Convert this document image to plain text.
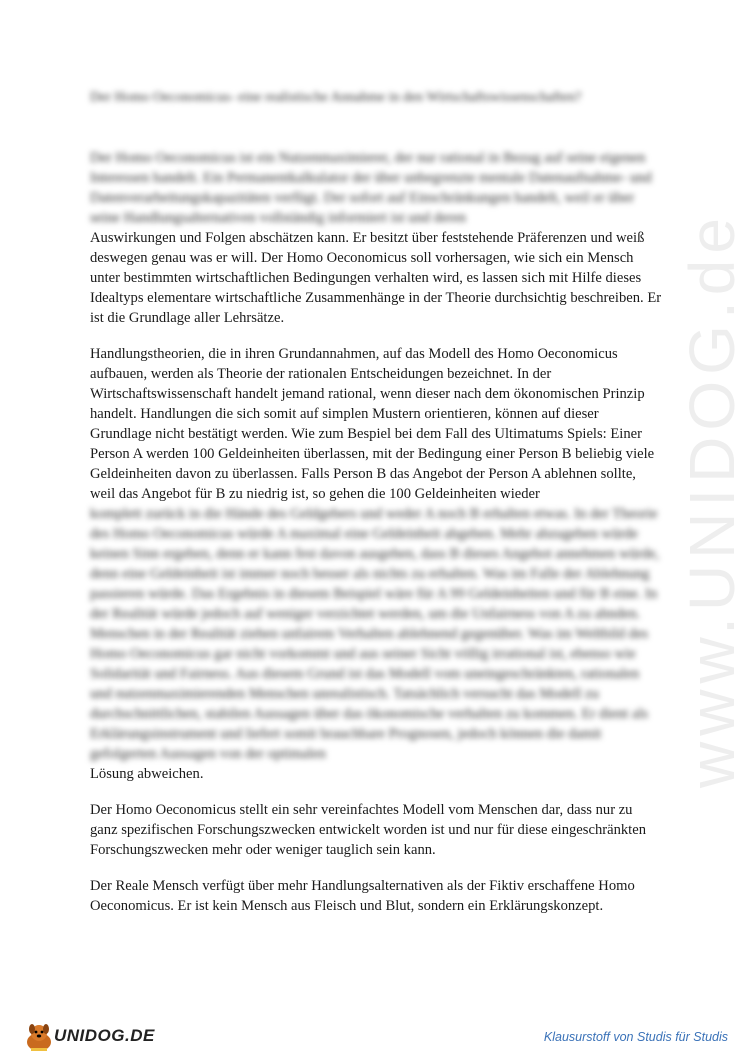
www.UNIDOG.de
Der Homo Oeconomicus- eine realistische Annahme in den Wirtschaftswissenschaften?

Der Homo Oeconomicus ist ein Nutzenmaximierer, der nur rational in Bezug auf seine eigenen Interessen handelt. Ein Permanentkalkulator der über unbegrenzte mentale Datenaufnahme- und Datenverarbeitungskapazitäten verfügt. Der sofort auf Einschränkungen handelt, weil er über seine Handlungsalternativen vollständig informiert ist und deren

Auswirkungen und Folgen abschätzen kann. Er besitzt über feststehende Präferenzen und weiß deswegen genau was er will. Der Homo Oeconomicus soll vorhersagen, wie sich ein Mensch unter bestimmten wirtschaftlichen Bedingungen verhalten wird, es lassen sich mit Hilfe dieses Idealtyps elementare wirtschaftliche Zusammenhänge in der Theorie durchsichtig beschreiben. Er ist die Grundlage aller Lehrsätze.

Handlungstheorien, die in ihren Grundannahmen, auf das Modell des Homo Oeconomicus aufbauen, werden als Theorie der rationalen Entscheidungen bezeichnet. In der Wirtschaftswissenschaft handelt jemand rational, wenn dieser nach dem ökonomischen Prinzip handelt. Handlungen die sich somit auf simplen Mustern orientieren, können auf dieser Grundlage nicht bestätigt werden. Wie zum Bespiel bei dem Fall des Ultimatums Spiels: Einer Person A werden 100 Geldeinheiten überlassen, mit der Bedingung einer Person B beliebig viele Geldeinheiten davon zu überlassen. Falls Person B das Angebot der Person A ablehnen sollte, weil das Angebot für B zu niedrig ist, so gehen die 100 Geldeinheiten wieder

komplett zurück in die Hände des Geldgebers und weder A noch B erhalten etwas. In der Theorie des Homo Oeconomicus würde A maximal eine Geldeinheit abgeben. Mehr abzugeben würde keinen Sinn ergeben, denn er kann fest davon ausgehen, dass B dieses Angebot annehmen würde, denn eine Geldeinheit ist immer noch besser als nichts zu erhalten. Was im Falle der Ablehnung passieren würde. Das Ergebnis in diesem Beispiel wäre für A 99 Geldeinheiten und für B eine. In der Realität würde jedoch auf weniger verzichtet werden, um die Unfairness von A zu ahnden. Menschen in der Realität ziehen unfairem Verhalten ablehnend gegenüber. Was im Weltbild des Homo Oeconomicus gar nicht vorkommt und aus seiner Sicht völlig irrational ist, ebenso wie Solidarität und Fairness. Aus diesem Grund ist das Modell vom uneingeschränkten, rationalen und nutzenmaximierenden Menschen unrealistisch. Tatsächlich versucht das Modell zu durchschnittlichen, stabilen Aussagen über das ökonomische verhalten zu kommen. Er dient als Erklärungsinstrument und liefert somit brauchbare Prognosen, jedoch können die damit gefolgerten Aussagen von der optimalen

Lösung abweichen.

Der Homo Oeconomicus stellt ein sehr vereinfachtes Modell vom Menschen dar, dass nur zu ganz spezifischen Forschungszwecken entwickelt worden ist und nur für diese eingeschränkten Forschungszwecken mehr oder weniger tauglich sein kann.

Der Reale Mensch verfügt über mehr Handlungsalternativen als der Fiktiv erschaffene Homo Oeconomicus. Er ist kein Mensch aus Fleisch und Blut, sondern ein Erklärungskonzept.

UNIDOG.DE	Klausurstoff von Studis für Studis
